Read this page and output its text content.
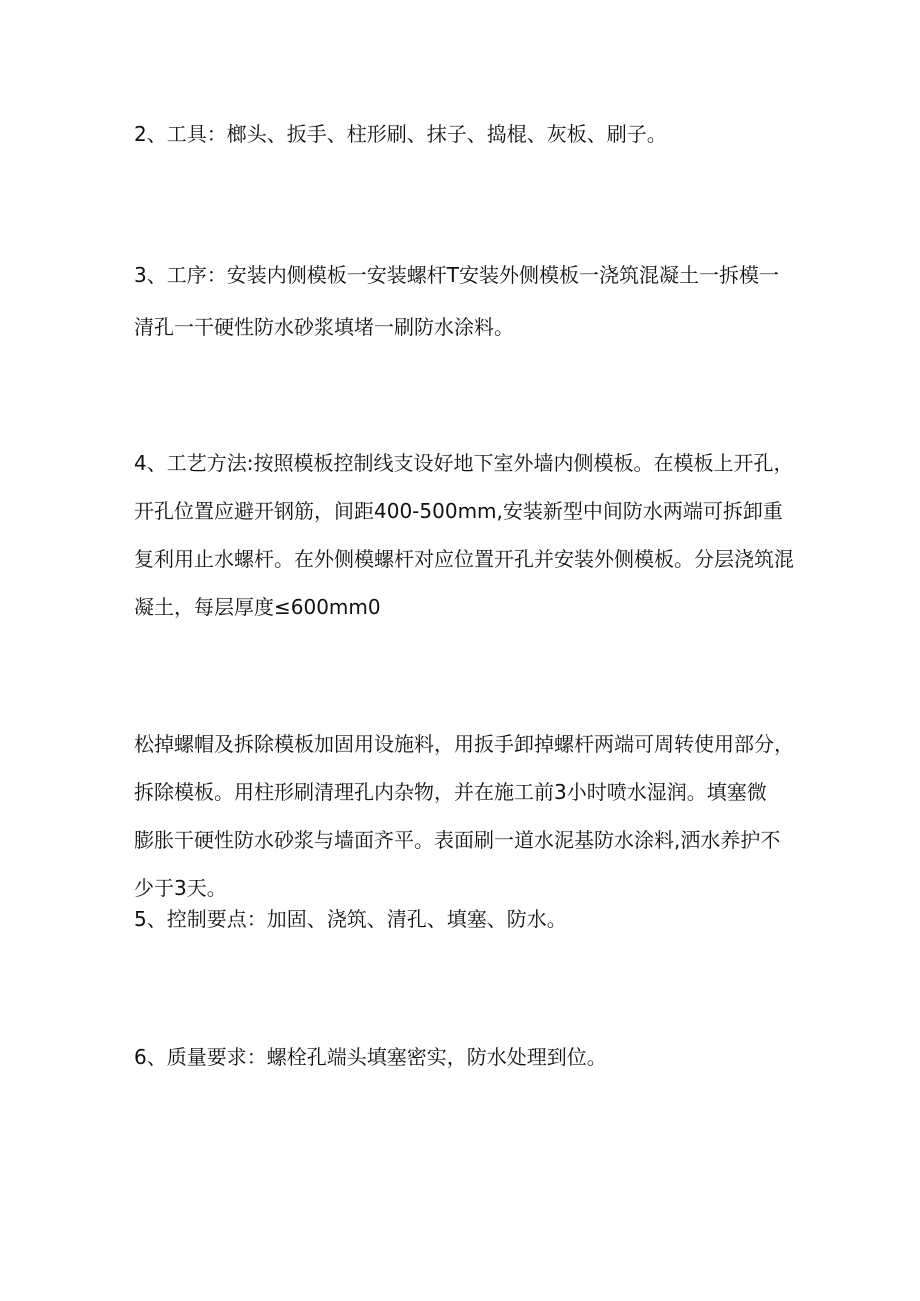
2、工具：榔头、扳手、柱形刷、抹子、捣棍、灰板、刷子。
3、工序：安装内侧模板一安装螺杆T安装外侧模板一浇筑混凝土一拆模一
清孔一干硬性防水砂浆填堵一刷防水涂料。
4、工艺方法:按照模板控制线支设好地下室外墙内侧模板。在模板上开孔，
开孔位置应避开钢筋，间距400-500mm,安装新型中间防水两端可拆卸重
复利用止水螺杆。在外侧模螺杆对应位置开孔并安装外侧模板。分层浇筑混
凝土，每层厚度≤600mm0
松掉螺帽及拆除模板加固用设施料，用扳手卸掉螺杆两端可周转使用部分，
拆除模板。用柱形刷清理孔内杂物，并在施工前3小时喷水湿润。填塞微
膨胀干硬性防水砂浆与墙面齐平。表面刷一道水泥基防水涂料,洒水养护不
少于3天。
5、控制要点：加固、浇筑、清孔、填塞、防水。
6、质量要求：螺栓孔端头填塞密实，防水处理到位。
